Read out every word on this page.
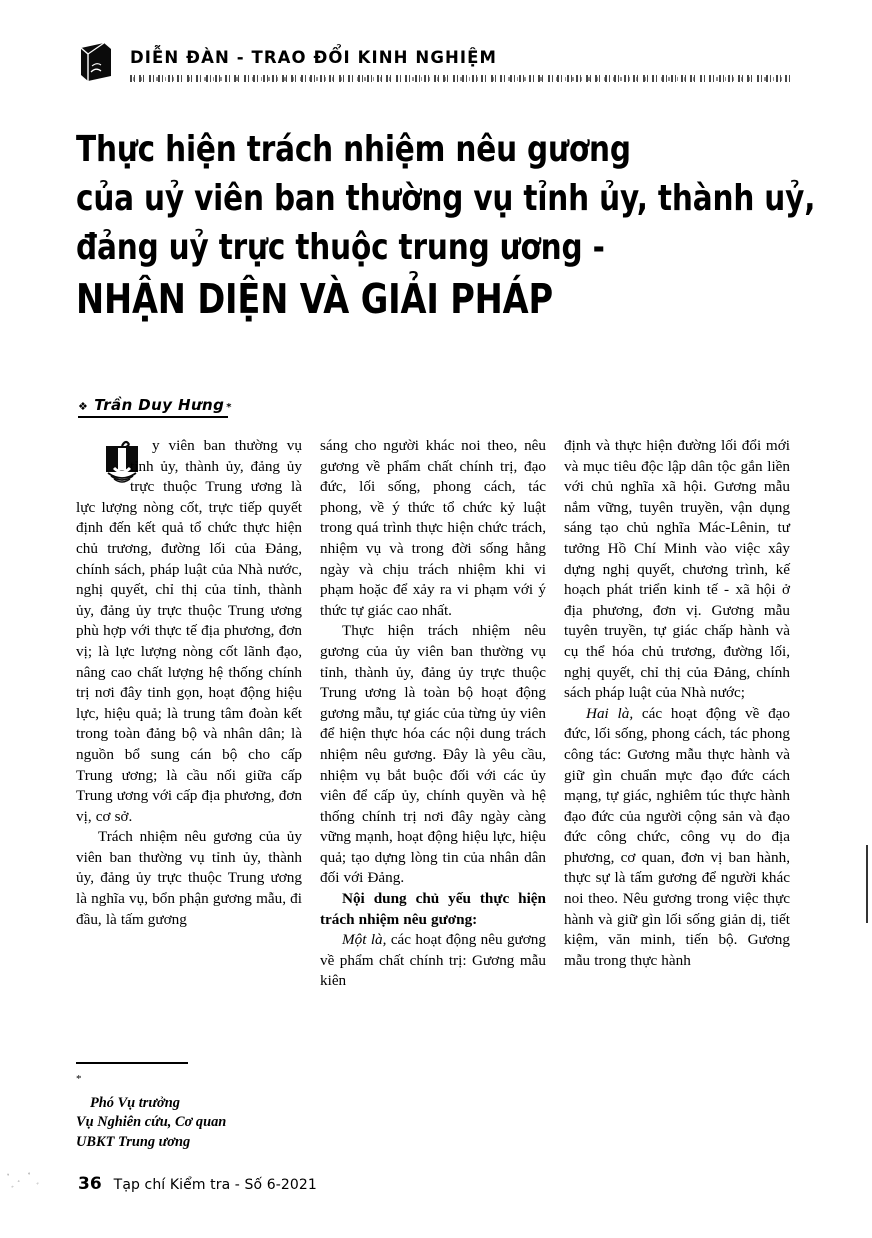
DIỄN ĐÀN - TRAO ĐỔI KINH NGHIỆM
Thực hiện trách nhiệm nêu gương
của uỷ viên ban thường vụ tỉnh ủy, thành uỷ,
đảng uỷ trực thuộc trung ương -
NHẬN DIỆN VÀ GIẢI PHÁP
❖ Trần Duy Hưng *

y viên ban thường vụ tỉnh ủy, thành ủy, đảng ủy trực thuộc Trung ương là lực lượng nòng cốt, trực tiếp quyết định đến kết quả tổ chức thực hiện chủ trương, đường lối của Đảng, chính sách, pháp luật của Nhà nước, nghị quyết, chỉ thị của tỉnh, thành ủy, đảng ủy trực thuộc Trung ương phù hợp với thực tế địa phương, đơn vị; là lực lượng nòng cốt lãnh đạo, nâng cao chất lượng hệ thống chính trị nơi đây tinh gọn, hoạt động hiệu lực, hiệu quả; là trung tâm đoàn kết trong toàn đảng bộ và nhân dân; là nguồn bổ sung cán bộ cho cấp Trung ương; là cầu nối giữa cấp Trung ương với cấp địa phương, đơn vị, cơ sở.

Trách nhiệm nêu gương của ủy viên ban thường vụ tỉnh ủy, thành ủy, đảng ủy trực thuộc Trung ương là nghĩa vụ, bổn phận gương mẫu, đi đầu, là tấm gương

*
Phó Vụ trưởng
Vụ Nghiên cứu, Cơ quan
UBKT Trung ương

sáng cho người khác noi theo, nêu gương về phẩm chất chính trị, đạo đức, lối sống, phong cách, tác phong, về ý thức tổ chức kỷ luật trong quá trình thực hiện chức trách, nhiệm vụ và trong đời sống hằng ngày và chịu trách nhiệm khi vi phạm hoặc để xảy ra vi phạm với ý thức tự giác cao nhất.

Thực hiện trách nhiệm nêu gương của ủy viên ban thường vụ tỉnh, thành ủy, đảng ủy trực thuộc Trung ương là toàn bộ hoạt động gương mẫu, tự giác của từng ủy viên để hiện thực hóa các nội dung trách nhiệm nêu gương. Đây là yêu cầu, nhiệm vụ bắt buộc đối với các ủy viên để cấp ủy, chính quyền và hệ thống chính trị nơi đây ngày càng vững mạnh, hoạt động hiệu lực, hiệu quả; tạo dựng lòng tin của nhân dân đối với Đảng.

Nội dung chủ yếu thực hiện trách nhiệm nêu gương:

Một là, các hoạt động nêu gương về phẩm chất chính trị: Gương mẫu kiên

định và thực hiện đường lối đổi mới và mục tiêu độc lập dân tộc gắn liền với chủ nghĩa xã hội. Gương mẫu nắm vững, tuyên truyền, vận dụng sáng tạo chủ nghĩa Mác-Lênin, tư tưởng Hồ Chí Minh vào việc xây dựng nghị quyết, chương trình, kế hoạch phát triển kinh tế - xã hội ở địa phương, đơn vị. Gương mẫu tuyên truyền, tự giác chấp hành và cụ thể hóa chủ trương, đường lối, nghị quyết, chỉ thị của Đảng, chính sách pháp luật của Nhà nước;

Hai là, các hoạt động về đạo đức, lối sống, phong cách, tác phong công tác: Gương mẫu thực hành và giữ gìn chuẩn mực đạo đức cách mạng, tự giác, nghiêm túc thực hành đạo đức của người cộng sản và đạo đức công chức, công vụ do địa phương, cơ quan, đơn vị ban hành, thực sự là tấm gương để người khác noi theo. Nêu gương trong việc thực hành và giữ gìn lối sống giản dị, tiết kiệm, văn minh, tiến bộ. Gương mẫu trong thực hành

36 Tạp chí Kiểm tra - Số 6-2021
